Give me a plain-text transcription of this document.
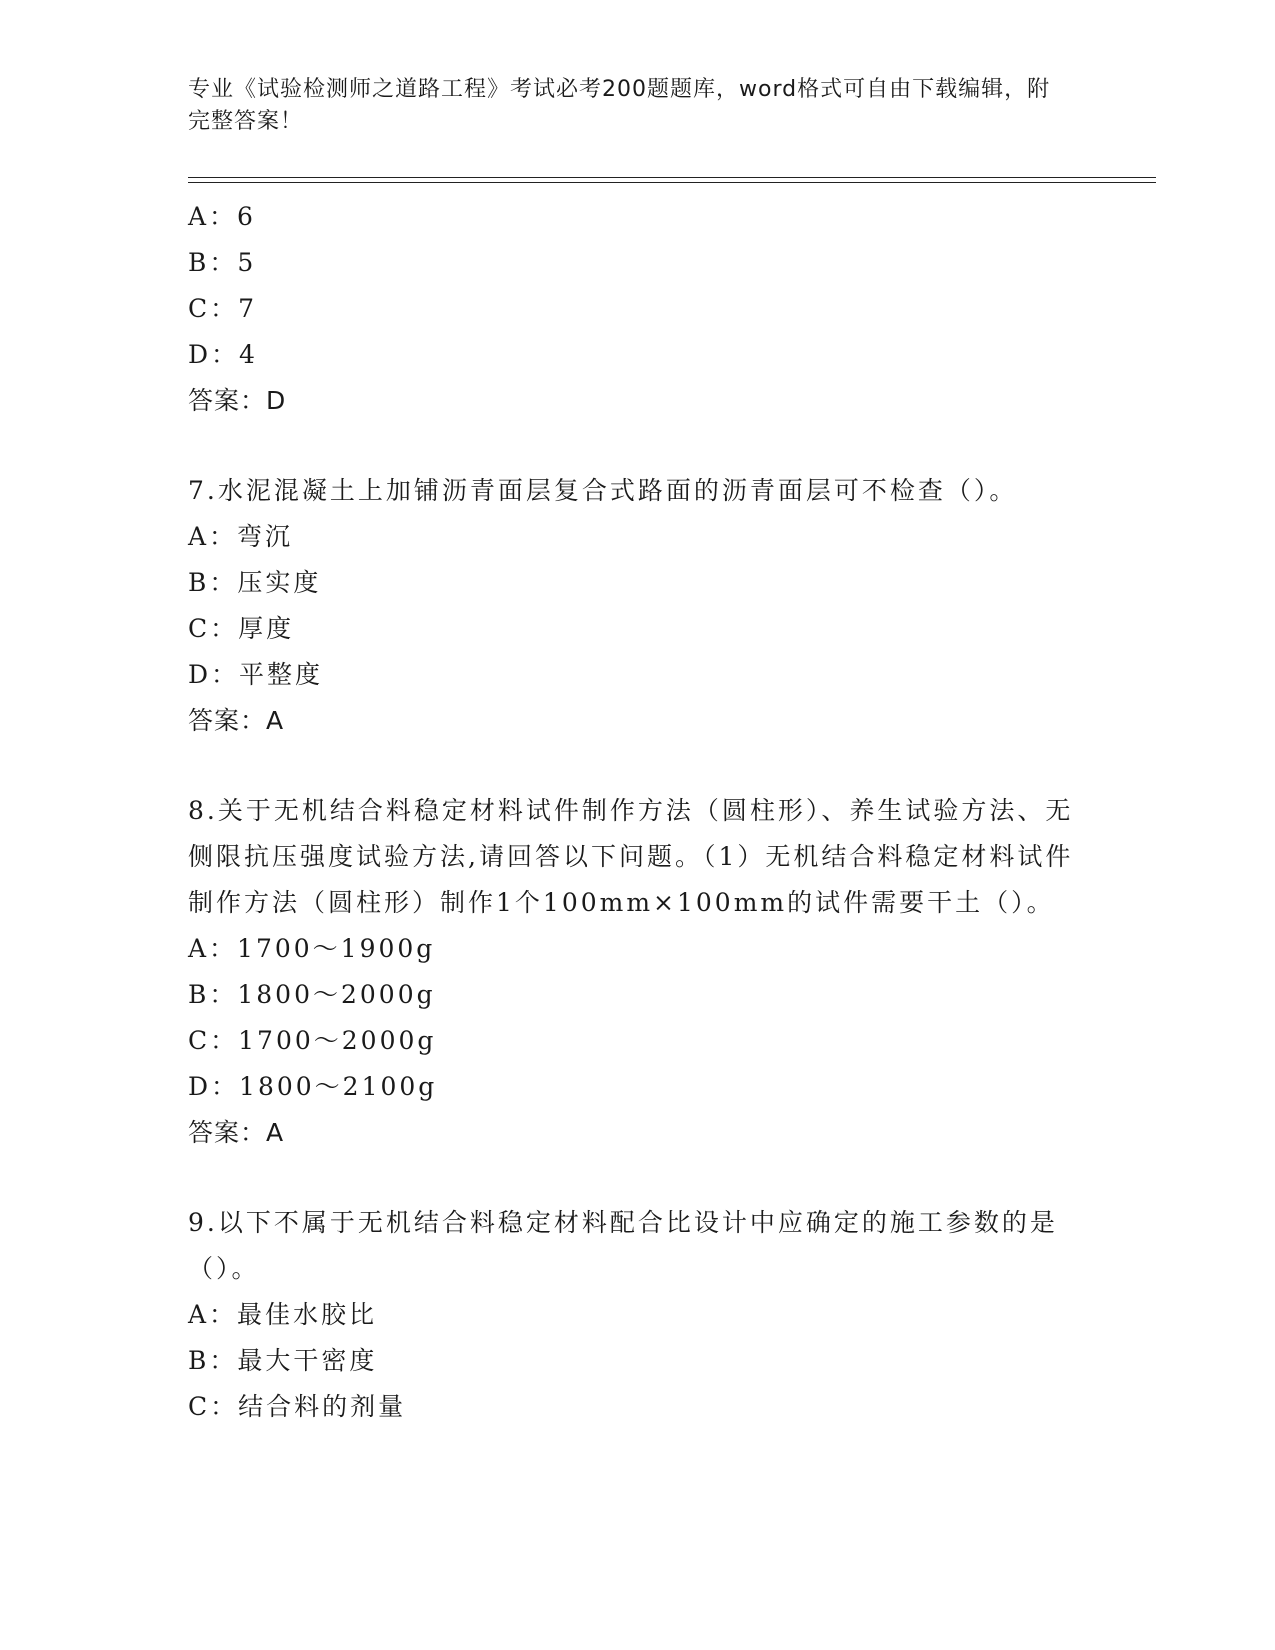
专业《试验检测师之道路工程》考试必考200题题库，word格式可自由下载编辑，附完整答案！
A：6
B：5
C：7
D：4
答案：D
7.水泥混凝土上加铺沥青面层复合式路面的沥青面层可不检查（）。
A：弯沉
B：压实度
C：厚度
D：平整度
答案：A
8.关于无机结合料稳定材料试件制作方法（圆柱形）、养生试验方法、无侧限抗压强度试验方法,请回答以下问题。（1）无机结合料稳定材料试件制作方法（圆柱形）制作1个100mm×100mm的试件需要干土（）。
A：1700～1900g
B：1800～2000g
C：1700～2000g
D：1800～2100g
答案：A
9.以下不属于无机结合料稳定材料配合比设计中应确定的施工参数的是（）。
A：最佳水胶比
B：最大干密度
C：结合料的剂量
